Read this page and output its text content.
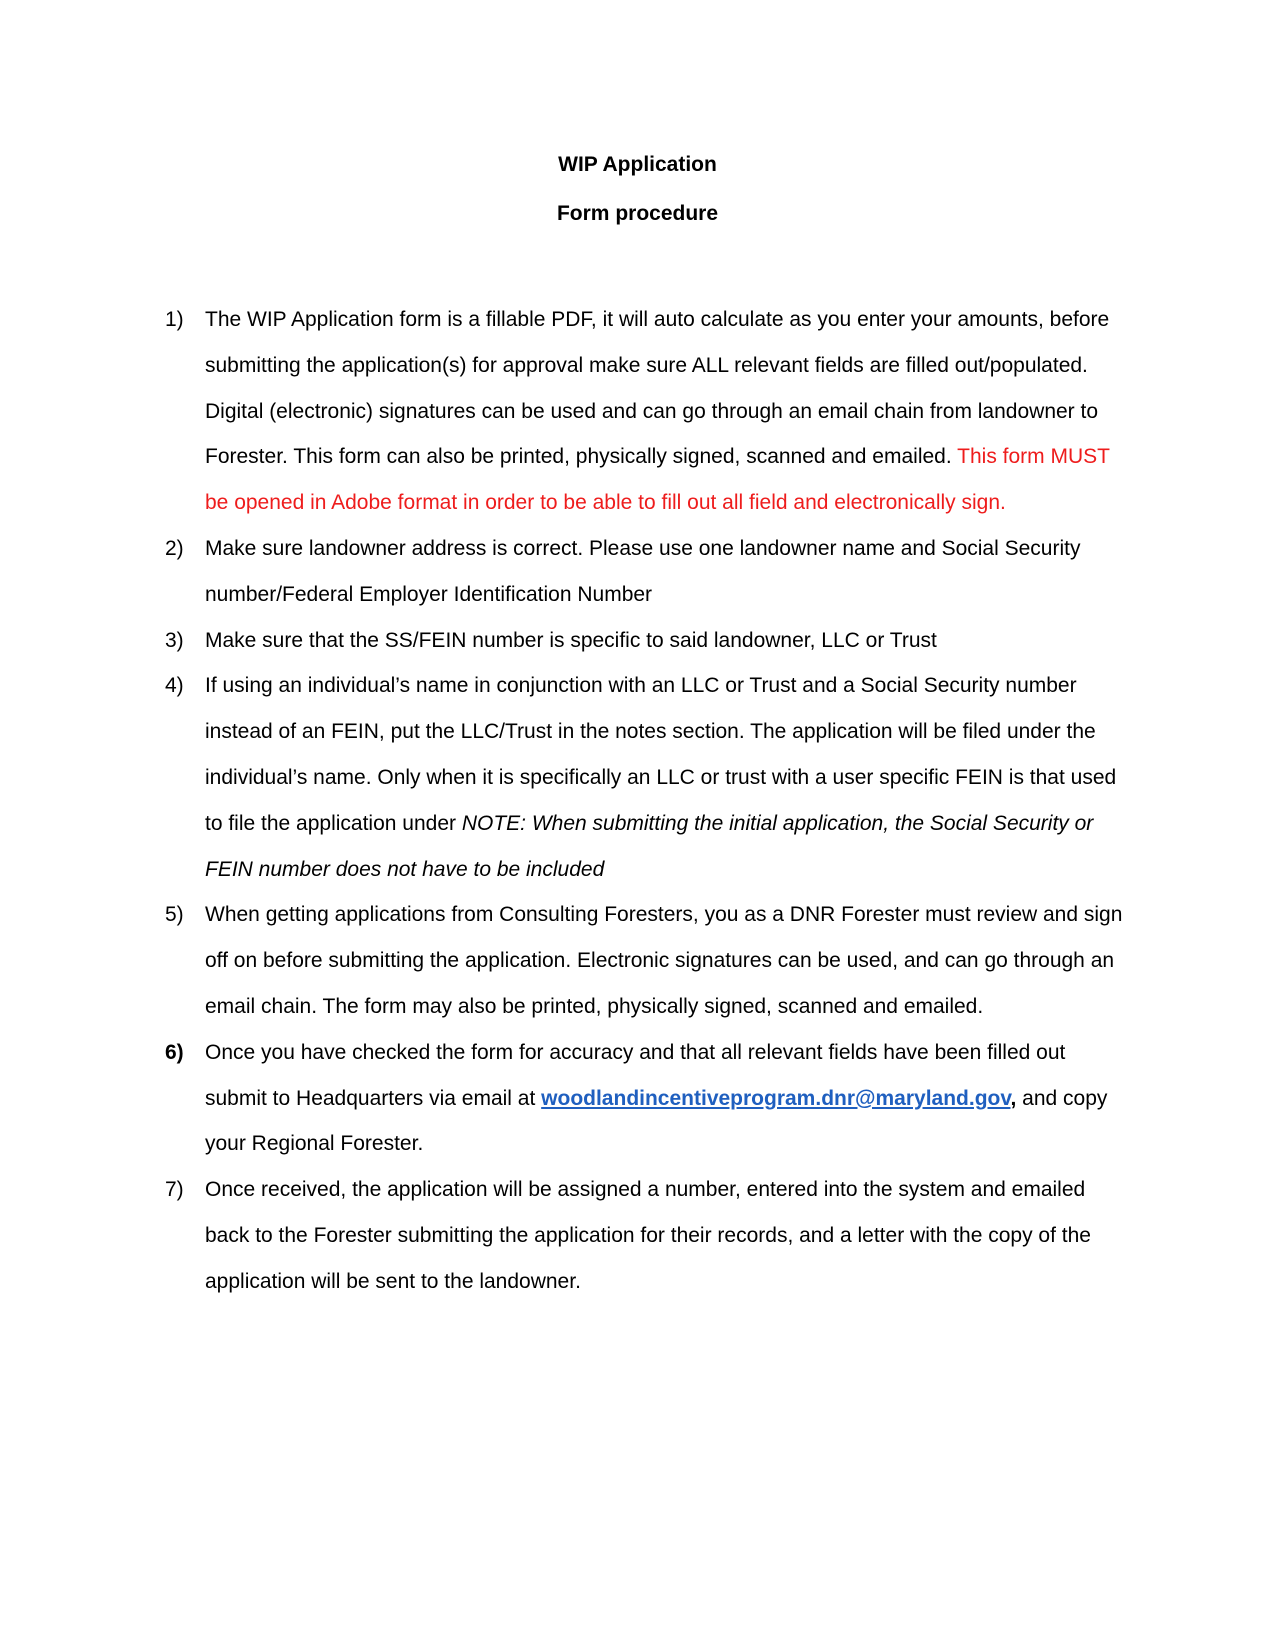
WIP Application

Form procedure

1)	The WIP Application form is a fillable PDF, it will auto calculate as you enter your amounts, before submitting the application(s) for approval make sure ALL relevant fields are filled out/populated. Digital (electronic) signatures can be used and can go through an email chain from landowner to Forester. This form can also be printed, physically signed, scanned and emailed. This form MUST be opened in Adobe format in order to be able to fill out all field and electronically sign.
2)	Make sure landowner address is correct. Please use one landowner name and Social Security number/Federal Employer Identification Number
3)	Make sure that the SS/FEIN number is specific to said landowner, LLC or Trust
4)	If using an individual’s name in conjunction with an LLC or Trust and a Social Security number instead of an FEIN, put the LLC/Trust in the notes section. The application will be filed under the individual’s name. Only when it is specifically an LLC or trust with a user specific FEIN is that used to file the application under NOTE: When submitting the initial application, the Social Security or FEIN number does not have to be included
5)	When getting applications from Consulting Foresters, you as a DNR Forester must review and sign off on before submitting the application. Electronic signatures can be used, and can go through an email chain. The form may also be printed, physically signed, scanned and emailed.
6)	Once you have checked the form for accuracy and that all relevant fields have been filled out submit to Headquarters via email at woodlandincentiveprogram.dnr@maryland.gov, and copy your Regional Forester.
7)	Once received, the application will be assigned a number, entered into the system and emailed back to the Forester submitting the application for their records, and a letter with the copy of the application will be sent to the landowner.
